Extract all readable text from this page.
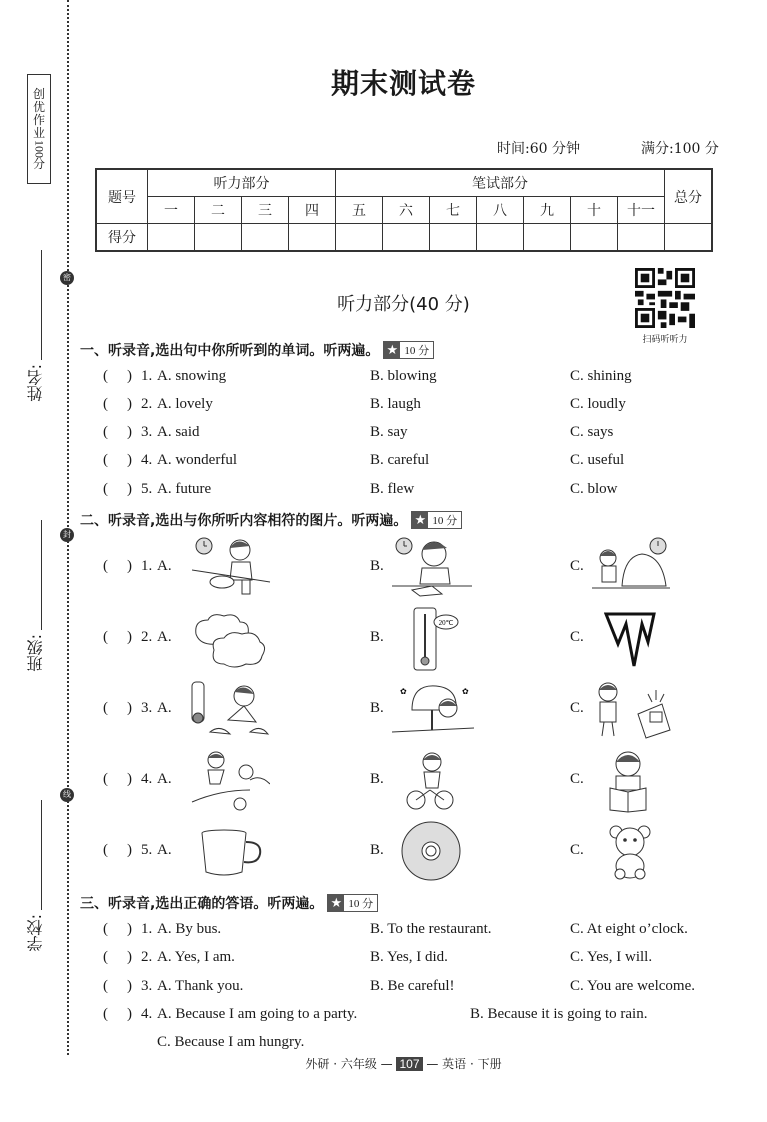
创
优
作
业
100
分
密
封
线
姓名:
班级:
学校:
期末测试卷
时间:60 分钟	满分:100 分
题号	听力部分				笔试部分							总分
	一	二	三	四	五	六	七	八	九	十	十一	
得分												
听力部分(40 分)
扫码听听力
一、听录音,选出句中你所听到的单词。听两遍。 ★ 10 分
( ) 1. A. snowing	B. blowing	C. shining
( ) 2. A. lovely	B. laugh	C. loudly
( ) 3. A. said	B. say	C. says
( ) 4. A. wonderful	B. careful	C. useful
( ) 5. A. future	B. flew	C. blow
二、听录音,选出与你所听内容相符的图片。听两遍。 ★ 10 分
( ) 1. A.	B.	C.
( ) 2. A.	B.	C.
( ) 3. A.	B.	C.
( ) 4. A.	B.	C.
( ) 5. A.	B.	C.
20℃
✿	✿
三、听录音,选出正确的答语。听两遍。 ★ 10 分
( ) 1. A. By bus.	B. To the restaurant.	C. At eight o’clock.
( ) 2. A. Yes, I am.	B. Yes, I did.	C. Yes, I will.
( ) 3. A. Thank you.	B. Be careful!	C. You are welcome.
( ) 4. A. Because I am going to a party.	B. Because it is going to rain.
C. Because I am hungry.
外研 · 六年级 — 107 — 英语 · 下册
